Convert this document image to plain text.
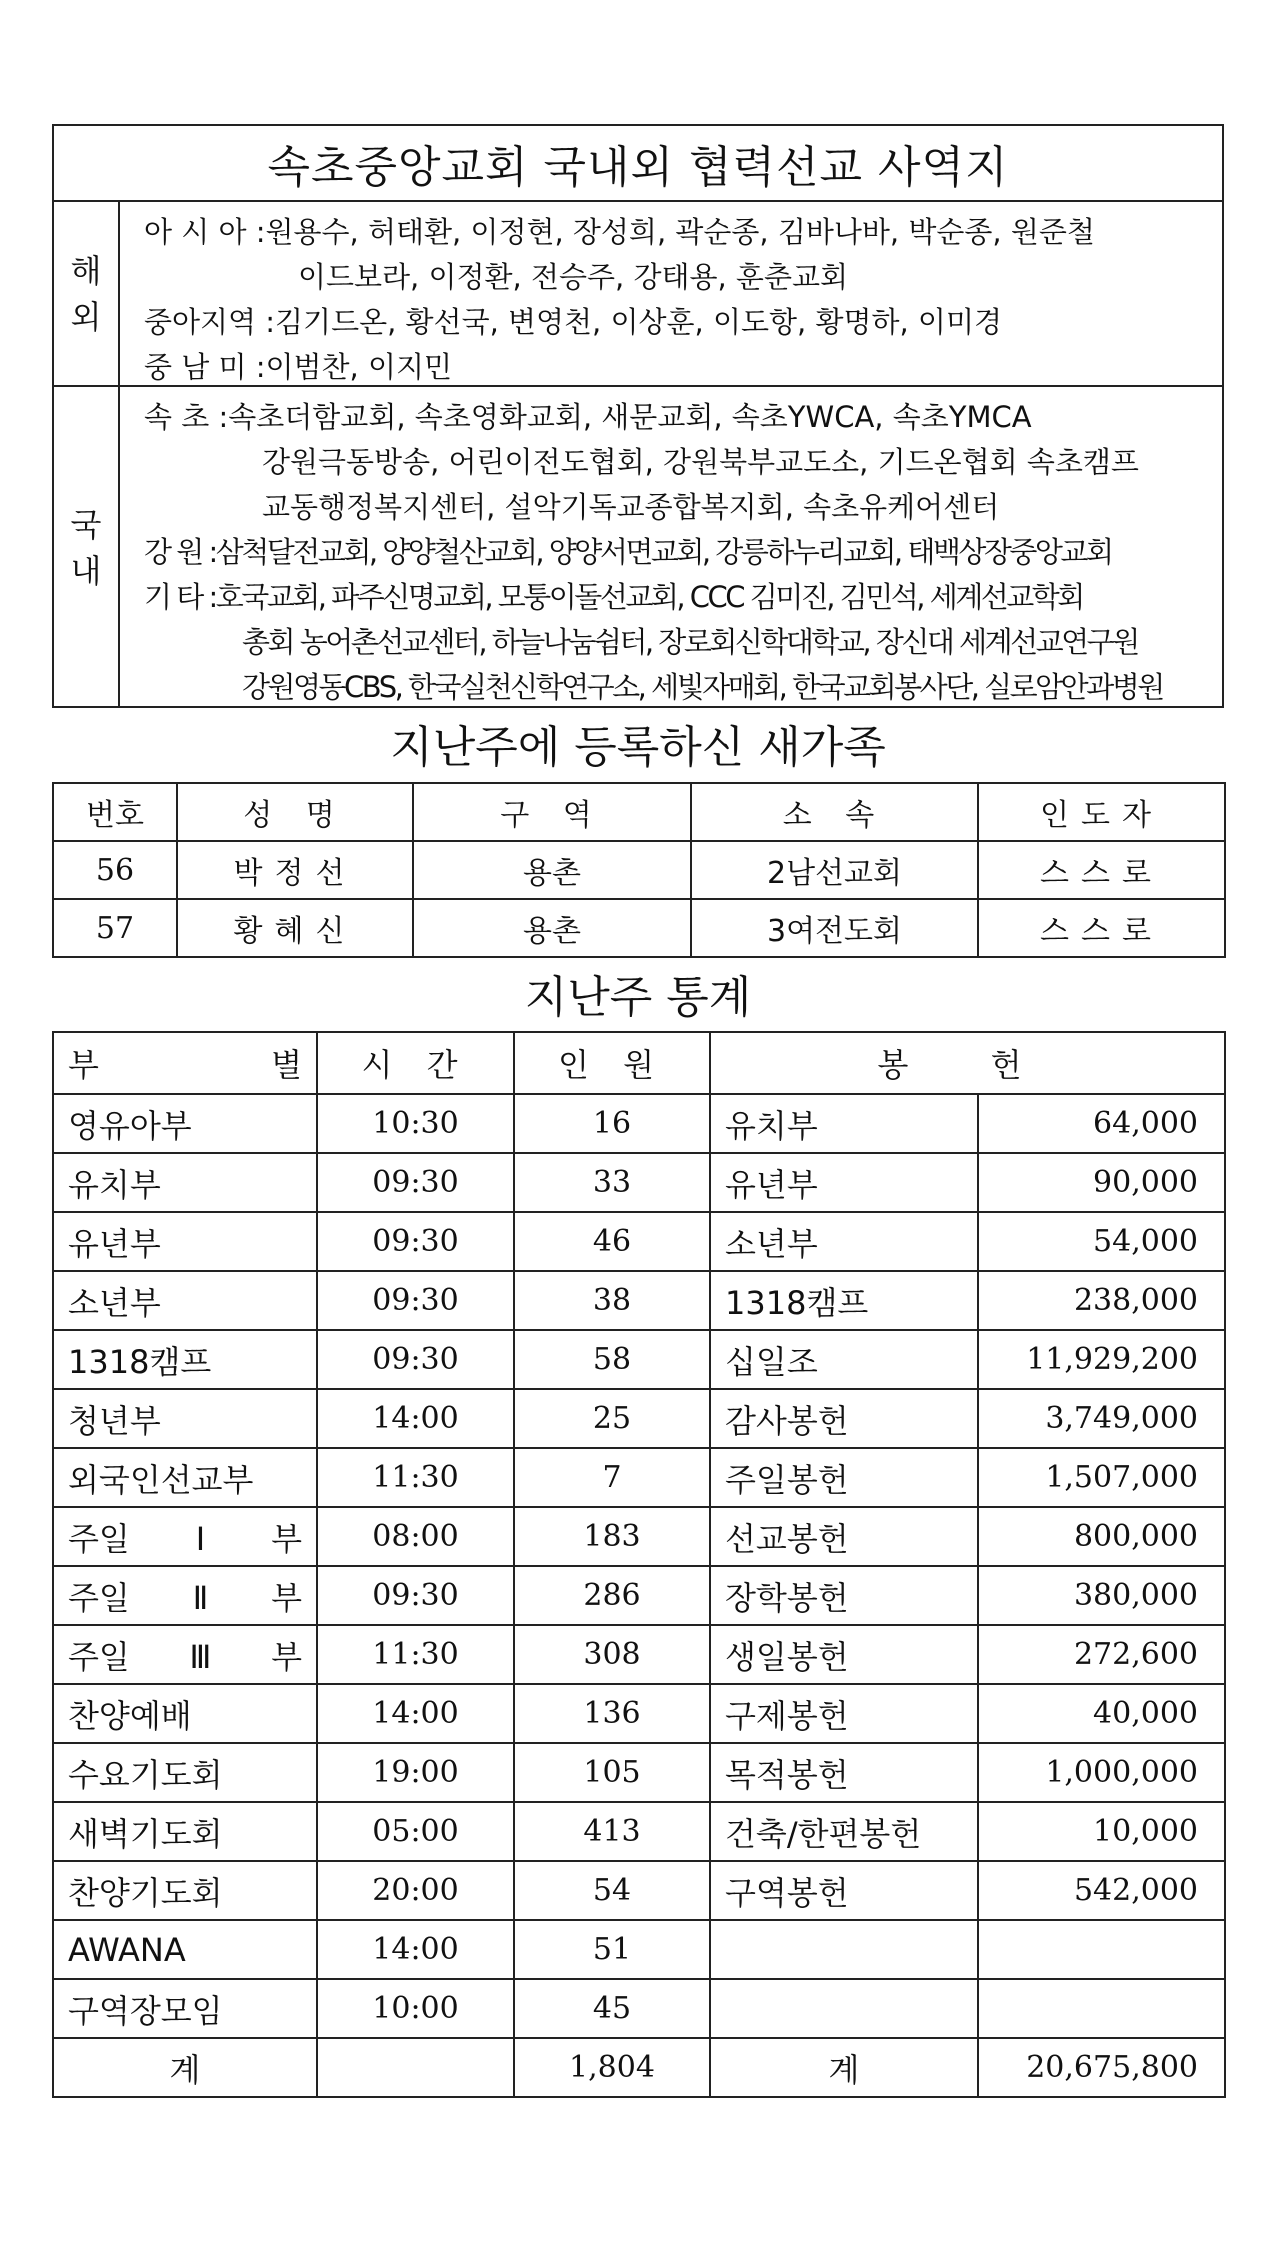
속초중앙교회 국내외 협력선교 사역지
해
외
아 시 아 :원용수, 허태환, 이정현, 장성희, 곽순종, 김바나바, 박순종, 원준철
이드보라, 이정환, 전승주, 강태용, 훈춘교회
중아지역 :김기드온, 황선국, 변영천, 이상훈, 이도항, 황명하, 이미경
중 남 미 :이범찬, 이지민
국
내
속 초 :속초더함교회, 속초영화교회, 새문교회, 속초YWCA, 속초YMCA
강원극동방송, 어린이전도협회, 강원북부교도소, 기드온협회 속초캠프
교동행정복지센터, 설악기독교종합복지회, 속초유케어센터
강 원 :삼척달전교회, 양양철산교회, 양양서면교회, 강릉하누리교회, 태백상장중앙교회
기 타 :호국교회, 파주신명교회, 모퉁이돌선교회, CCC 김미진, 김민석, 세계선교학회
총회 농어촌선교센터, 하늘나눔쉼터, 장로회신학대학교, 장신대 세계선교연구원
강원영동CBS, 한국실천신학연구소, 세빛자매회, 한국교회봉사단, 실로암안과병원
지난주에 등록하신 새가족
번호	성 명	구 역	소 속	인도자
56	박정선	용촌	2남선교회	스스로
57	황혜신	용촌	3여전도회	스스로
지난주 통계
부 별	시 간	인 원	봉 헌	
영유아부	10:30	16	유치부	64,000
유치부	09:30	33	유년부	90,000
유년부	09:30	46	소년부	54,000
소년부	09:30	38	1318캠프	238,000
1318캠프	09:30	58	십일조	11,929,200
청년부	14:00	25	감사봉헌	3,749,000
외국인선교부	11:30	7	주일봉헌	1,507,000
주일Ⅰ부	08:00	183	선교봉헌	800,000
주일Ⅱ부	09:30	286	장학봉헌	380,000
주일Ⅲ부	11:30	308	생일봉헌	272,600
찬양예배	14:00	136	구제봉헌	40,000
수요기도회	19:00	105	목적봉헌	1,000,000
새벽기도회	05:00	413	건축/한편봉헌	10,000
찬양기도회	20:00	54	구역봉헌	542,000
AWANA	14:00	51		
구역장모임	10:00	45		
계		1,804	계	20,675,800
